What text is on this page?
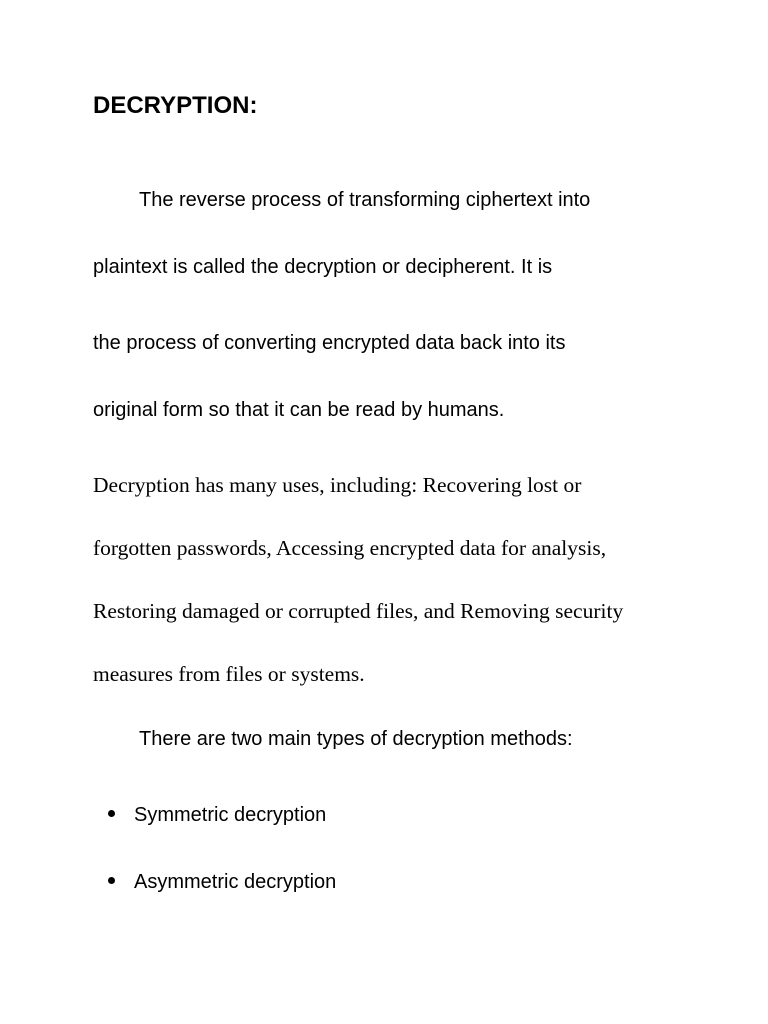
DECRYPTION:
The reverse process of transforming ciphertext into
plaintext is called the decryption or decipherent. It is
the process of converting encrypted data back into its
original form so that it can be read by humans.
Decryption has many uses, including: Recovering lost or
forgotten passwords, Accessing encrypted data for analysis,
Restoring damaged or corrupted files, and Removing security
measures from files or systems.
There are two main types of decryption methods:
Symmetric decryption
Asymmetric decryption
